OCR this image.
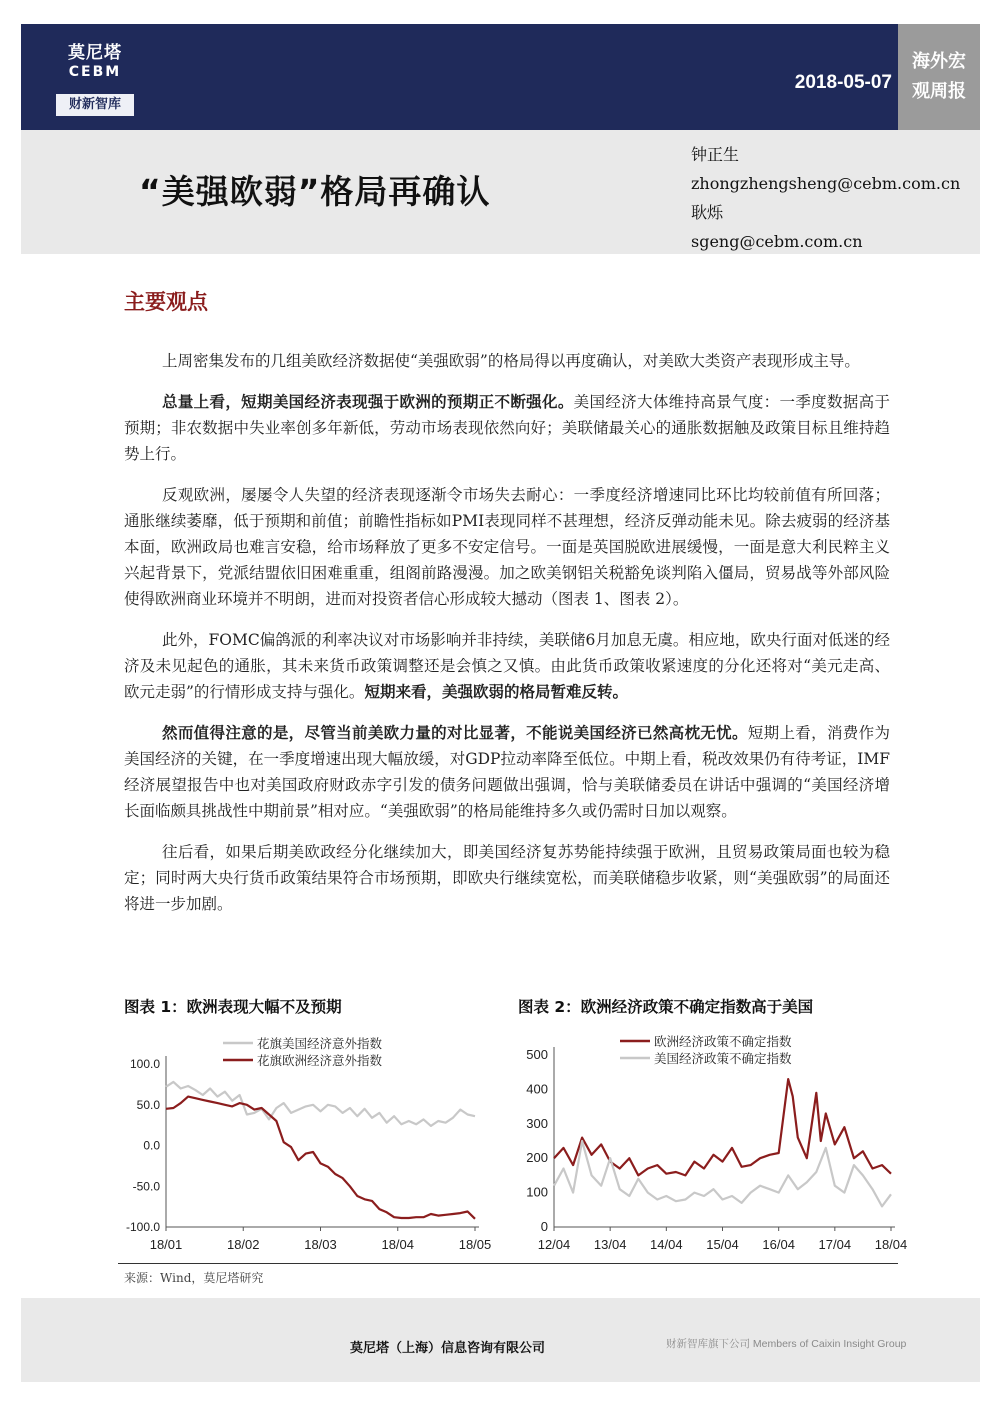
莫尼塔
CEBM
财新智库
2018-05-07
海外宏观周报
“美强欧弱”格局再确认
钟正生
zhongzhengsheng@cebm.com.cn
耿烁
sgeng@cebm.com.cn
主要观点

上周密集发布的几组美欧经济数据使“美强欧弱”的格局得以再度确认，对美欧大类资产表现形成主导。

总量上看，短期美国经济表现强于欧洲的预期正不断强化。美国经济大体维持高景气度：一季度数据高于预期；非农数据中失业率创多年新低，劳动市场表现依然向好；美联储最关心的通胀数据触及政策目标且维持趋势上行。

反观欧洲，屡屡令人失望的经济表现逐渐令市场失去耐心：一季度经济增速同比环比均较前值有所回落；通胀继续萎靡，低于预期和前值；前瞻性指标如PMI表现同样不甚理想，经济反弹动能未见。除去疲弱的经济基本面，欧洲政局也难言安稳，给市场释放了更多不安定信号。一面是英国脱欧进展缓慢，一面是意大利民粹主义兴起背景下，党派结盟依旧困难重重，组阁前路漫漫。加之欧美钢铝关税豁免谈判陷入僵局，贸易战等外部风险使得欧洲商业环境并不明朗，进而对投资者信心形成较大撼动（图表 1、图表 2）。

此外，FOMC偏鸽派的利率决议对市场影响并非持续，美联储6月加息无虞。相应地，欧央行面对低迷的经济及未见起色的通胀，其未来货币政策调整还是会慎之又慎。由此货币政策收紧速度的分化还将对“美元走高、欧元走弱”的行情形成支持与强化。短期来看，美强欧弱的格局暂难反转。

然而值得注意的是，尽管当前美欧力量的对比显著，不能说美国经济已然高枕无忧。短期上看，消费作为美国经济的关键，在一季度增速出现大幅放缓，对GDP拉动率降至低位。中期上看，税改效果仍有待考证，IMF经济展望报告中也对美国政府财政赤字引发的债务问题做出强调，恰与美联储委员在讲话中强调的“美国经济增长面临颇具挑战性中期前景”相对应。“美强欧弱”的格局能维持多久或仍需时日加以观察。

往后看，如果后期美欧政经分化继续加大，即美国经济复苏势能持续强于欧洲，且贸易政策局面也较为稳定；同时两大央行货币政策结果符合市场预期，即欧央行继续宽松，而美联储稳步收紧，则“美强欧弱”的局面还将进一步加剧。

图表 1：欧洲表现大幅不及预期	图表 2：欧洲经济政策不确定指数高于美国
100.0
50.0
0.0
-50.0
-100.0
18/01	18/02	18/03	18/04	18/05
花旗美国经济意外指数
花旗欧洲经济意外指数	500
400
300
200
100
0
12/04 13/04 14/04 15/04 16/04 17/04 18/04
欧洲经济政策不确定指数
美国经济政策不确定指数
来源：Wind，莫尼塔研究
莫尼塔（上海）信息咨询有限公司	财新智库旗下公司 Members of Caixin Insight Group
